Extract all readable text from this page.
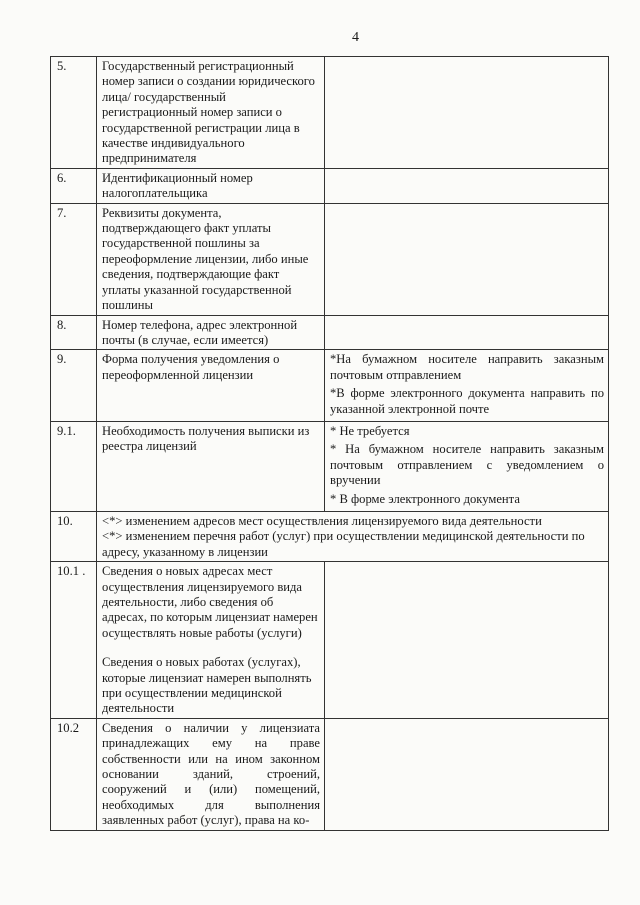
4
5.	Государственный регистрационный номер записи о создании юридического лица/ государственный регистрационный номер записи о государственной регистрации лица в качестве индивидуального предпринимателя	
6.	Идентификационный номер налогоплательщика	
7.	Реквизиты документа, подтверждающего факт уплаты государственной пошлины за переоформление лицензии, либо иные сведения, подтверждающие факт уплаты указанной государственной пошлины	
8.	Номер телефона, адрес электронной почты (в случае, если имеется)	
9.	Форма получения уведомления о переоформленной лицензии	*На бумажном носителе направить заказным почтовым отправлением
*В форме электронного документа направить по указанной электронной почте

9.1.	Необходимость получения выписки из реестра лицензий	* Не требуется
* На бумажном носителе направить заказным почтовым отправлением с уведомлением о вручении
* В форме электронного документа

10.	<*> изменением адресов мест осуществления лицензируемого вида деятельности
<*> изменением перечня работ (услуг) при осуществлении медицинской деятельности по адресу, указанному в лицензии	

10.1 .	Сведения о новых адресах мест осуществления лицензируемого вида деятельности, либо сведения об адресах, по которым лицензиат намерен осуществлять новые работы (услуги)
Сведения о новых работах (услугах), которые лицензиат намерен выполнять при осуществлении медицинской деятельности	

10.2	Сведения о наличии у лицензиата принадлежащих ему на праве собственности или на ином законном основании зданий, строений, сооружений и (или) помещений, необходимых для выполнения заявленных работ (услуг), права на ко-	
